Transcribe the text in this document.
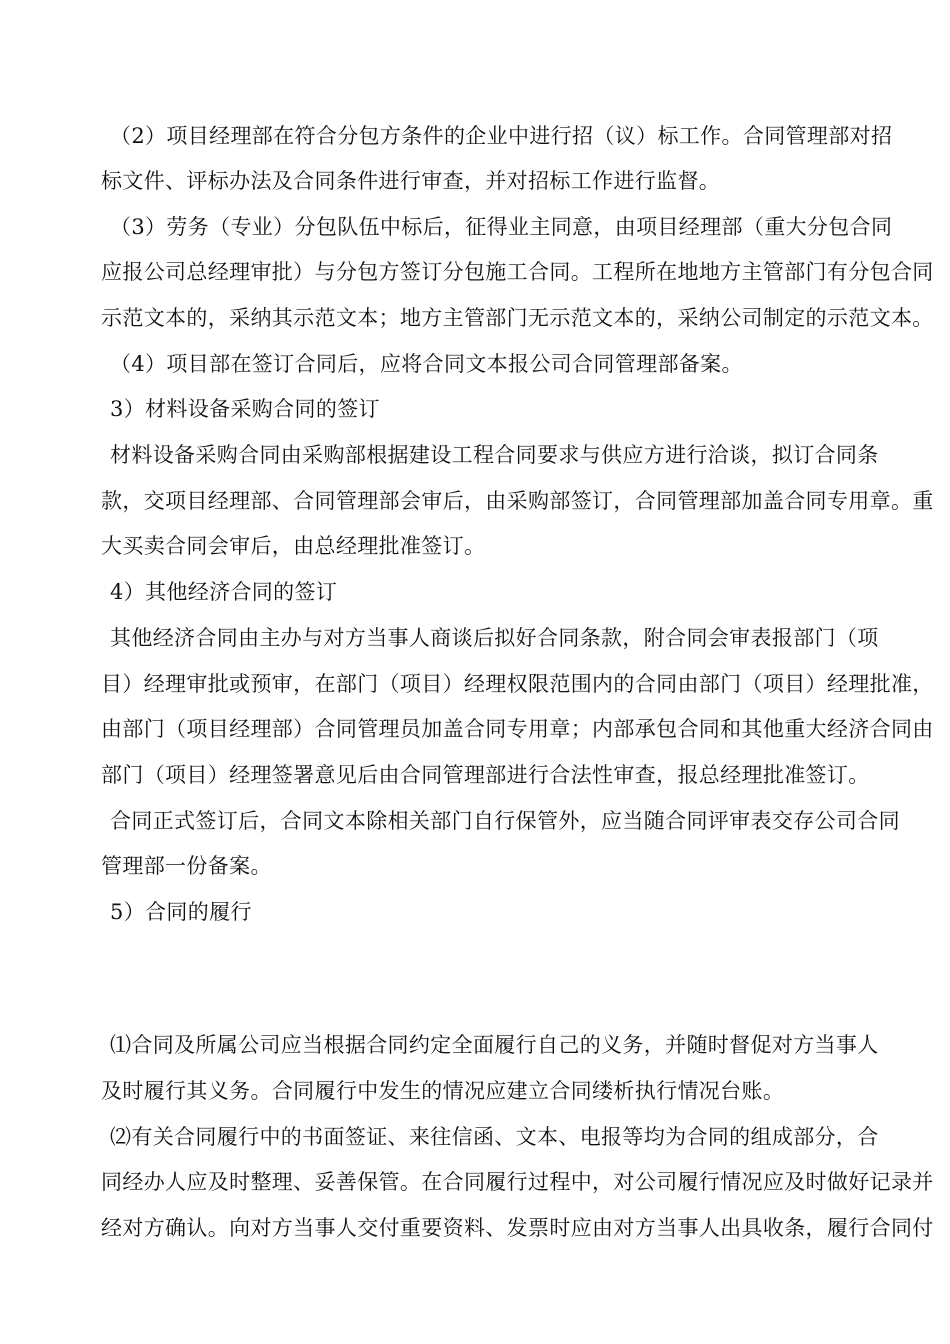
（2）项目经理部在符合分包方条件的企业中进行招（议）标工作。合同管理部对招
标文件、评标办法及合同条件进行审查，并对招标工作进行监督。
（3）劳务（专业）分包队伍中标后，征得业主同意，由项目经理部（重大分包合同
应报公司总经理审批）与分包方签订分包施工合同。工程所在地地方主管部门有分包合同
示范文本的，采纳其示范文本；地方主管部门无示范文本的，采纳公司制定的示范文本。
（4）项目部在签订合同后，应将合同文本报公司合同管理部备案。
3）材料设备采购合同的签订
材料设备采购合同由采购部根据建设工程合同要求与供应方进行洽谈，拟订合同条
款，交项目经理部、合同管理部会审后，由采购部签订，合同管理部加盖合同专用章。重
大买卖合同会审后，由总经理批准签订。
4）其他经济合同的签订
其他经济合同由主办与对方当事人商谈后拟好合同条款，附合同会审表报部门（项
目）经理审批或预审，在部门（项目）经理权限范围内的合同由部门（项目）经理批准，
由部门（项目经理部）合同管理员加盖合同专用章；内部承包合同和其他重大经济合同由
部门（项目）经理签署意见后由合同管理部进行合法性审查，报总经理批准签订。
合同正式签订后，合同文本除相关部门自行保管外，应当随合同评审表交存公司合同
管理部一份备案。
5）合同的履行
⑴合同及所属公司应当根据合同约定全面履行自己的义务，并随时督促对方当事人
及时履行其义务。合同履行中发生的情况应建立合同缕析执行情况台账。
⑵有关合同履行中的书面签证、来往信函、文本、电报等均为合同的组成部分，合
同经办人应及时整理、妥善保管。在合同履行过程中，对公司履行情况应及时做好记录并
经对方确认。向对方当事人交付重要资料、发票时应由对方当事人出具收条，履行合同付
